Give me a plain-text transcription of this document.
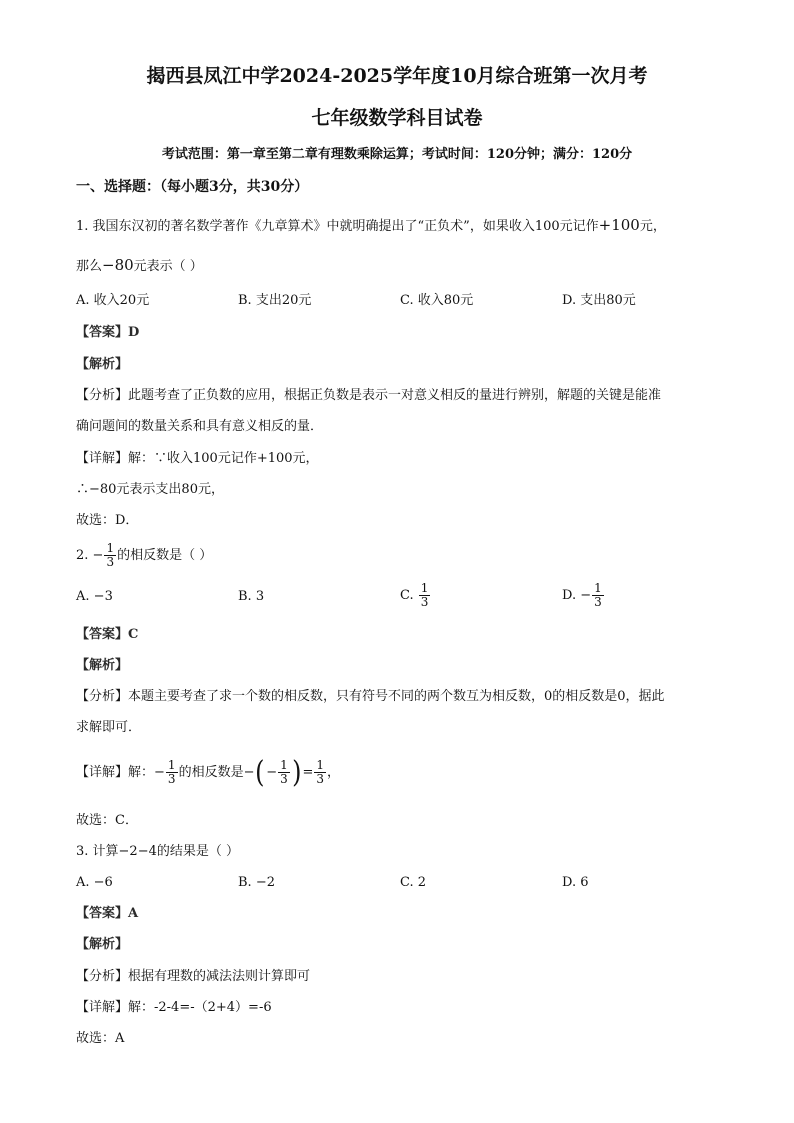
揭西县凤江中学2024-2025学年度10月综合班第一次月考
七年级数学科目试卷
考试范围：第一章至第二章有理数乘除运算；考试时间：120分钟；满分：120分
一、选择题：（每小题3分，共30分）
1. 我国东汉初的著名数学著作《九章算术》中就明确提出了“正负术”，如果收入100元记作+100元，
那么−80元表示（ ）
A. 收入20元	B. 支出20元	C. 收入80元	D. 支出80元
【答案】D
【解析】
【分析】此题考查了正负数的应用，根据正负数是表示一对意义相反的量进行辨别，解题的关键是能准
确问题间的数量关系和具有意义相反的量．
【详解】解：∵收入100元记作+100元，
∴−80元表示支出80元，
故选：D．
2. − $\frac{1}{3}$ 的相反数是（ ）
A. −3	B. 3	C. $\frac{1}{3}$	D. − $\frac{1}{3}$
【答案】C
【解析】
【分析】本题主要考查了求一个数的相反数，只有符号不同的两个数互为相反数，0的相反数是0，据此
求解即可．
【详解】解：− $\frac{1}{3}$ 的相反数是−(− $\frac{1}{3}$ )= $\frac{1}{3}$ ，
故选：C．
3. 计算−2−4的结果是（ ）
A. −6	B. −2	C. 2	D. 6
【答案】A
【解析】
【分析】根据有理数的减法法则计算即可
【详解】解：-2-4=-（2+4）=-6
故选：A
